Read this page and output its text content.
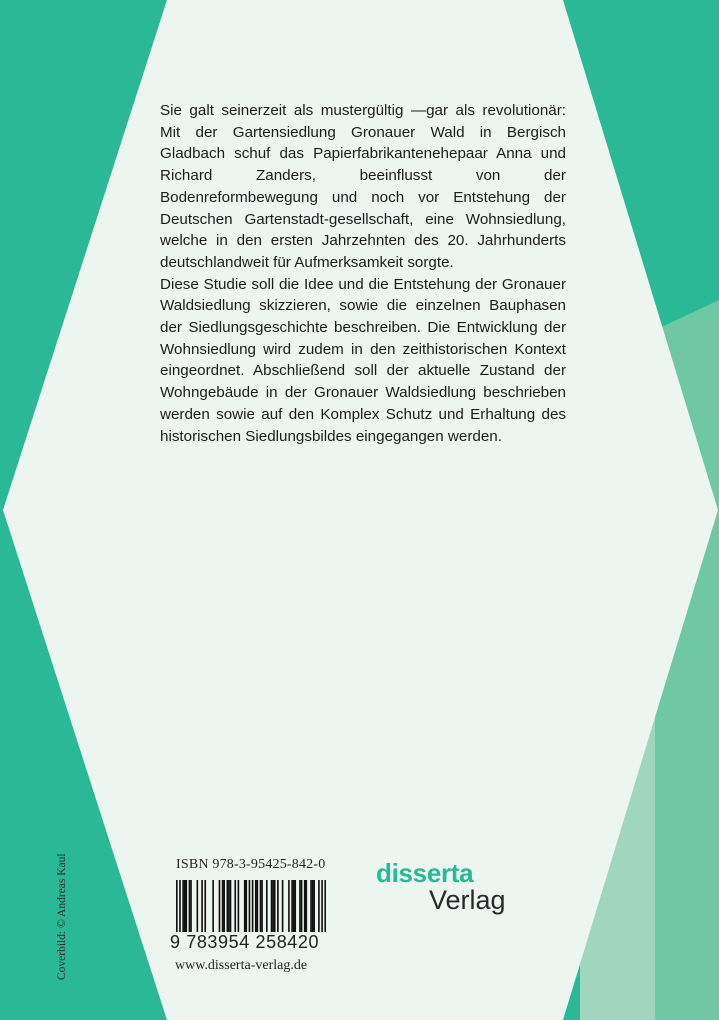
Sie galt seinerzeit als mustergültig —gar als revolutionär: Mit der Gartensiedlung Gronauer Wald in Bergisch Gladbach schuf das Papierfabrikantenehepaar Anna und Richard Zanders, beeinflusst von der Bodenreformbewegung und noch vor Entstehung der Deutschen Gartenstadt-gesellschaft, eine Wohnsiedlung, welche in den ersten Jahrzehnten des 20. Jahrhunderts deutschlandweit für Aufmerksamkeit sorgte.

Diese Studie soll die Idee und die Entstehung der Gronauer Waldsiedlung skizzieren, sowie die einzelnen Bauphasen der Siedlungsgeschichte beschreiben. Die Entwicklung der Wohnsiedlung wird zudem in den zeithistorischen Kontext eingeordnet. Abschließend soll der aktuelle Zustand der Wohngebäude in der Gronauer Waldsiedlung beschrieben werden sowie auf den Komplex Schutz und Erhaltung des historischen Siedlungsbildes eingegangen werden.

Coverbild: © Andreas Kaul	ISBN 978-3-95425-842-0
9 783954 258420
www.disserta-verlag.de
disserta
Verlag
